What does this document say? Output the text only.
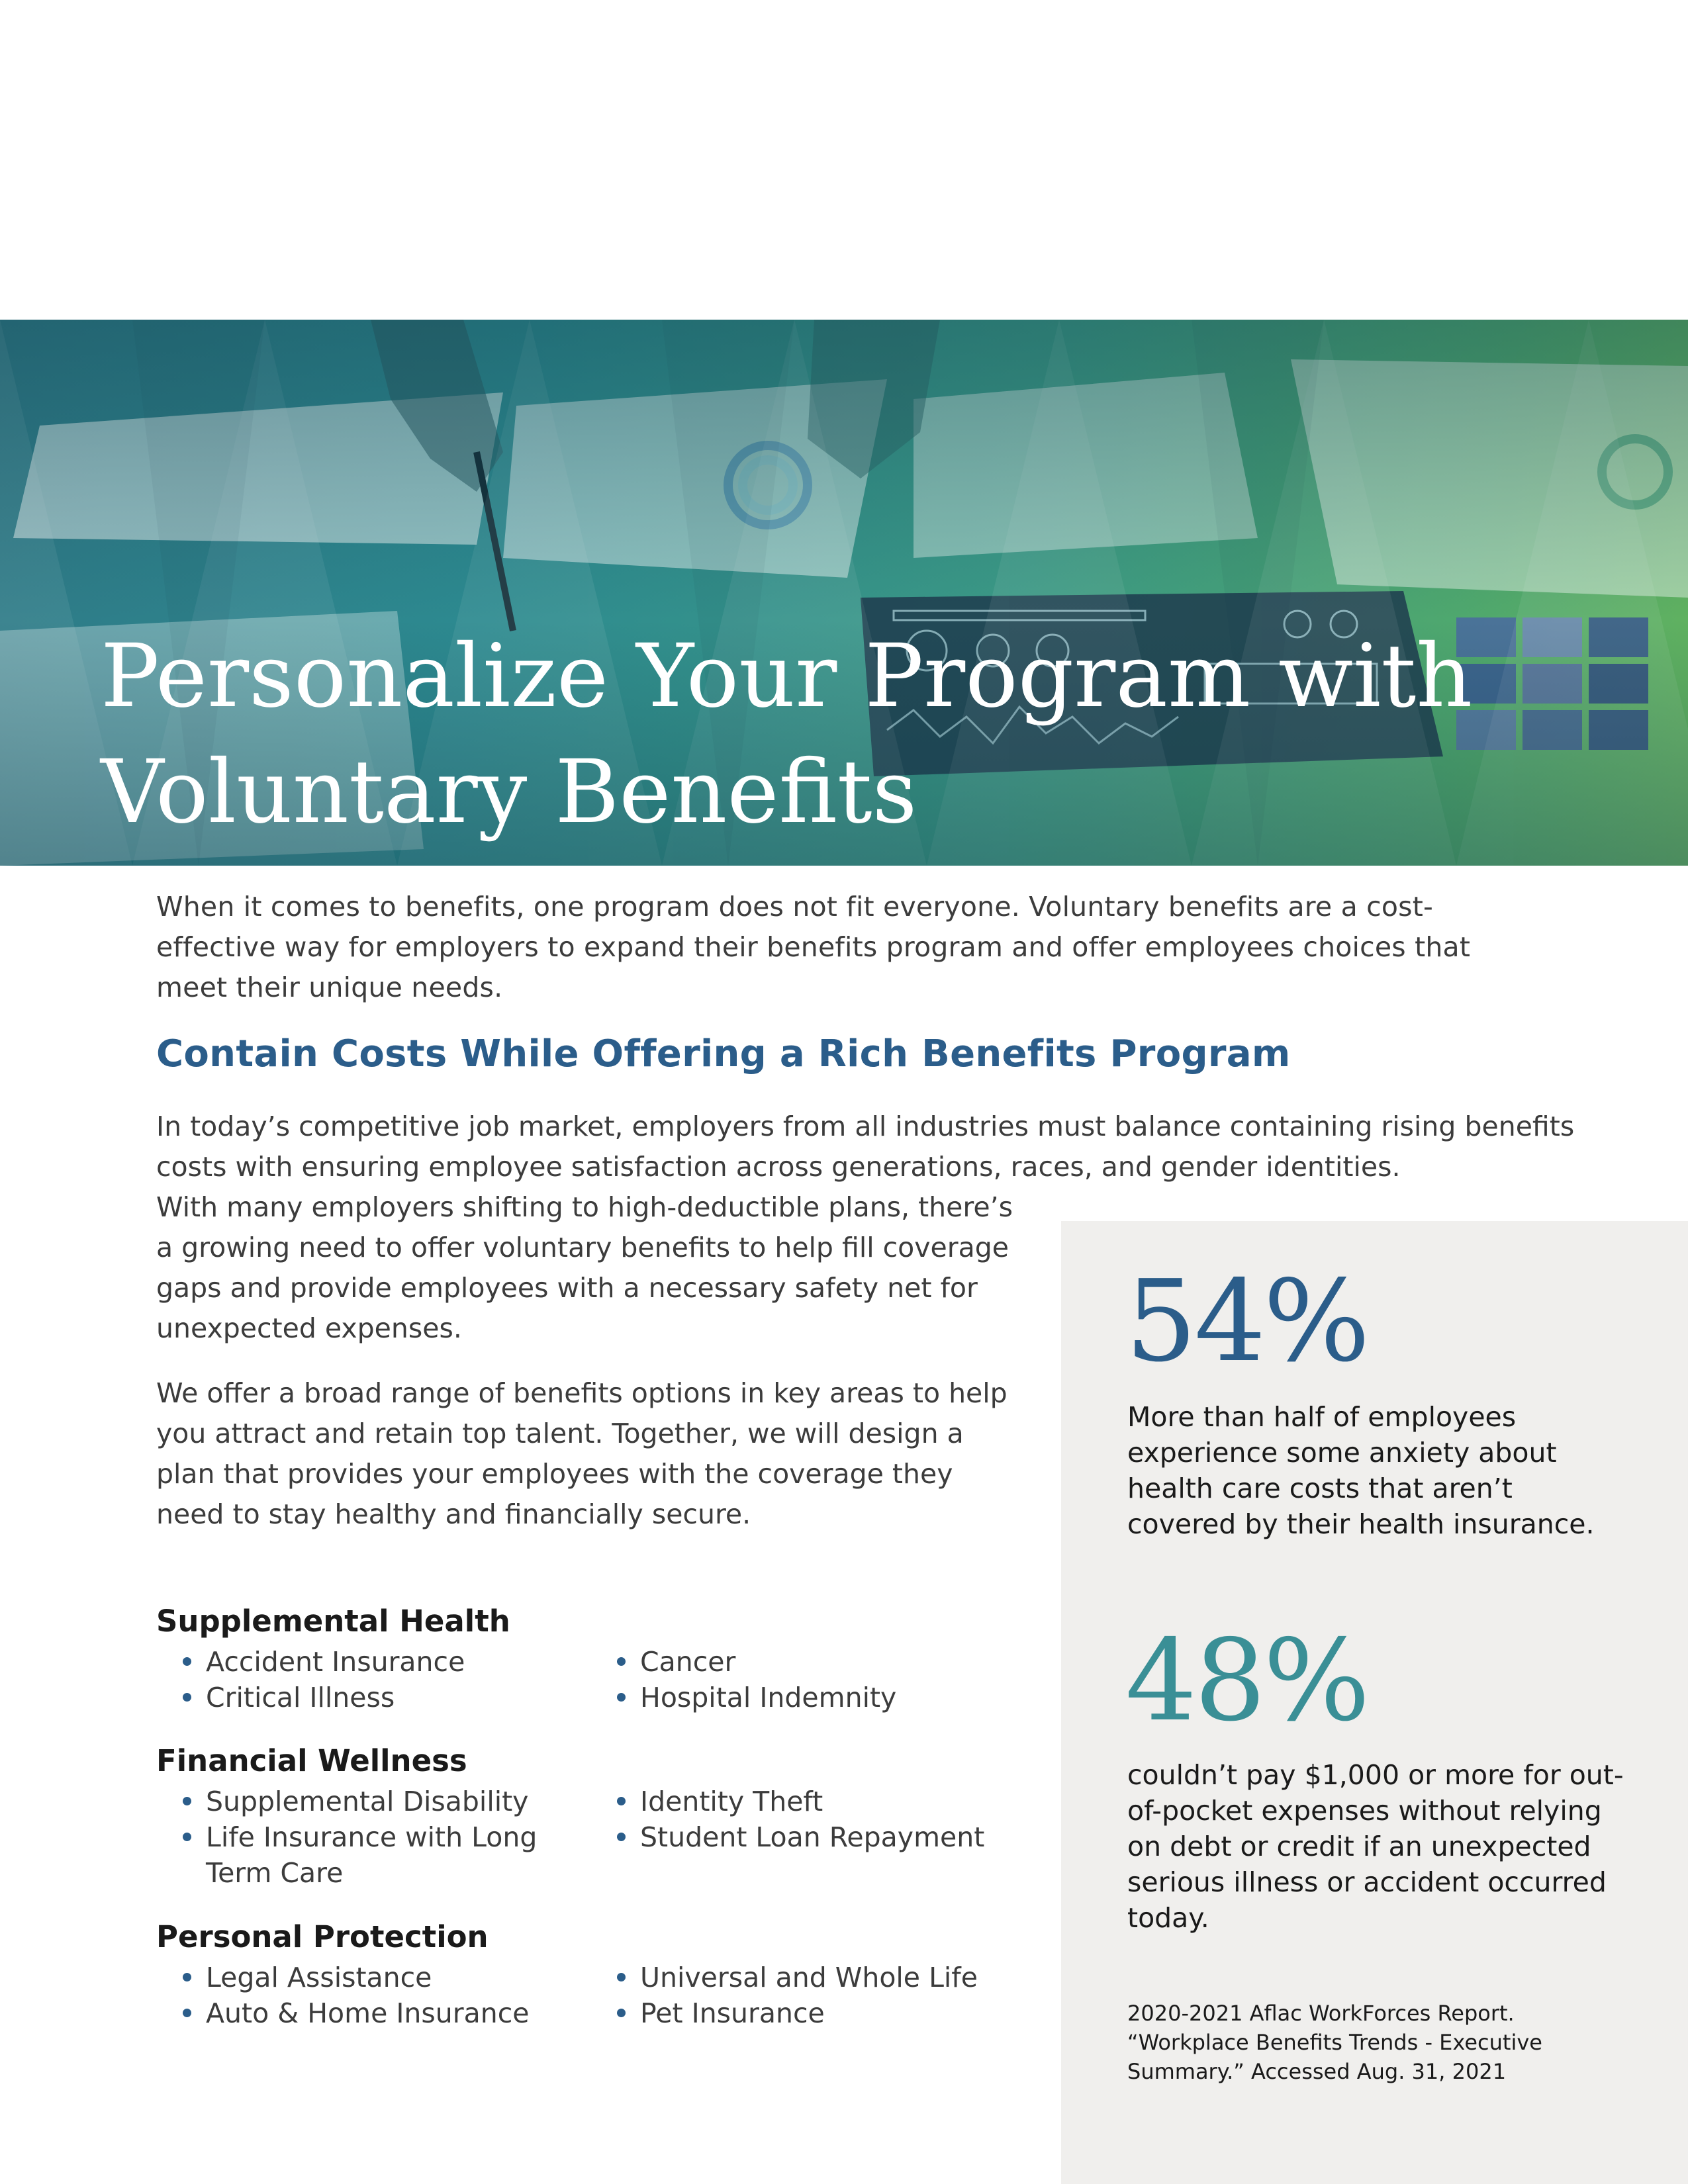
Personalize Your Program with
Voluntary Benefits

When it comes to benefits, one program does not fit everyone. Voluntary benefits are a cost-effective way for employers to expand their benefits program and offer employees choices that meet their unique needs.

Contain Costs While Offering a Rich Benefits Program

In today’s competitive job market, employers from all industries must balance containing rising benefits costs with ensuring employee satisfaction across generations, races, and gender identities.
With many employers shifting to high-deductible plans, there’s a growing need to offer voluntary benefits to help fill coverage gaps and provide employees with a necessary safety net for unexpected expenses.

We offer a broad range of benefits options in key areas to help you attract and retain top talent. Together, we will design a plan that provides your employees with the coverage they need to stay healthy and financially secure.

Supplemental Health
Accident Insurance
Critical Illness
Cancer
Hospital Indemnity
Financial Wellness
Supplemental Disability
Life Insurance with Long Term Care
Identity Theft
Student Loan Repayment
Personal Protection
Legal Assistance
Auto & Home Insurance
Universal and Whole Life
Pet Insurance
54%

More than half of employees experience some anxiety about health care costs that aren’t covered by their health insurance.

48%

couldn’t pay $1,000 or more for out-of-pocket expenses without relying on debt or credit if an unexpected serious illness or accident occurred today.

2020-2021 Aflac WorkForces Report. “Workplace Benefits Trends - Executive Summary.” Accessed Aug. 31, 2021
